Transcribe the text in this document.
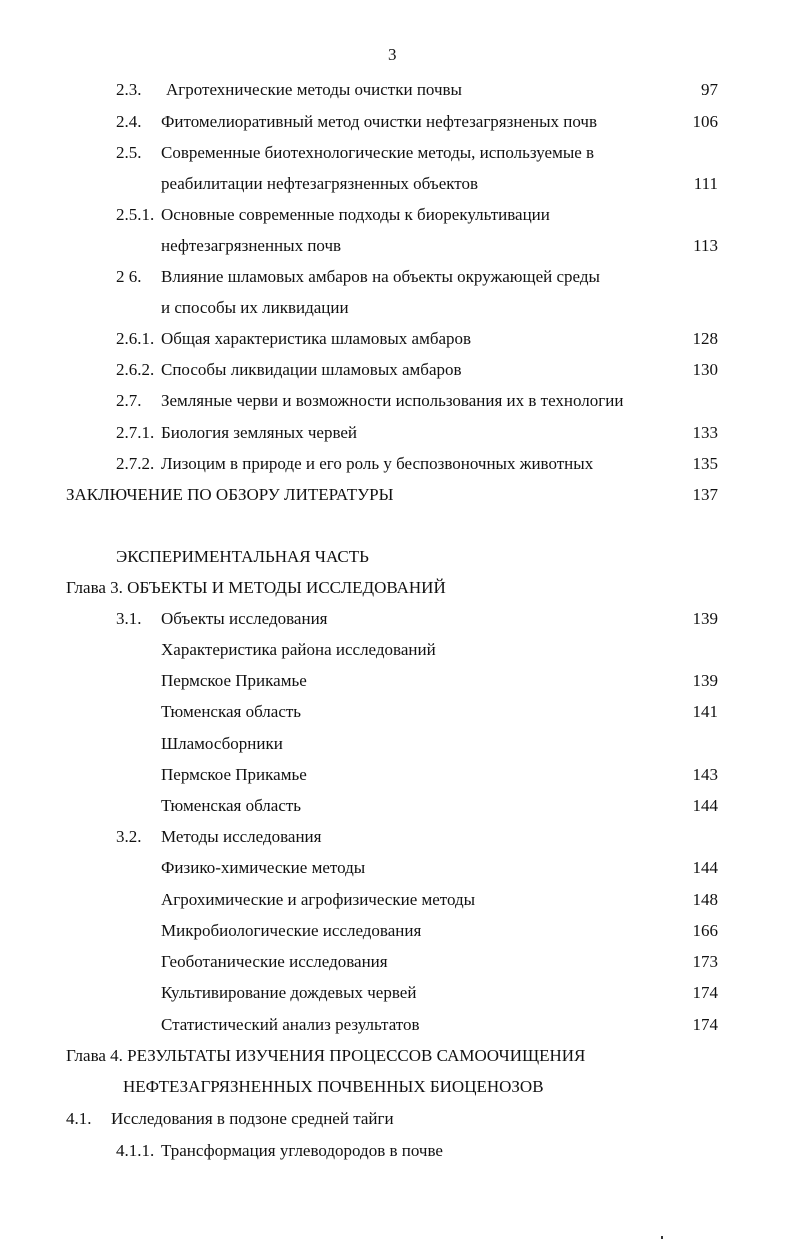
3
2.3. Агротехнические методы очистки почвы	97
2.4. Фитомелиоративный метод очистки нефтезагрязненых почв	106
2.5. Современные биотехнологические методы, используемые в
реабилитации нефтезагрязненных объектов	111
2.5.1. Основные современные подходы к биорекультивации
нефтезагрязненных почв	113
2 6. Влияние шламовых амбаров на объекты окружающей среды
и способы их ликвидации
2.6.1. Общая характеристика шламовых амбаров	128
2.6.2. Способы ликвидации шламовых амбаров	130
2.7. Земляные черви и возможности использования их в технологии
2.7.1. Биология земляных червей	133
2.7.2. Лизоцим в природе и его роль у беспозвоночных животных	135
ЗАКЛЮЧЕНИЕ ПО ОБЗОРУ ЛИТЕРАТУРЫ	137
ЭКСПЕРИМЕНТАЛЬНАЯ ЧАСТЬ
Глава 3. ОБЪЕКТЫ И МЕТОДЫ ИССЛЕДОВАНИЙ
3.1. Объекты исследования	139
Характеристика района исследований
Пермское Прикамье	139
Тюменская область	141
Шламосборники
Пермское Прикамье	143
Тюменская область	144
3.2. Методы исследования
Физико-химические методы	144
Агрохимические и агрофизические методы	148
Микробиологические исследования	166
Геоботанические исследования	173
Культивирование дождевых червей	174
Статистический анализ результатов	174
Глава 4. РЕЗУЛЬТАТЫ ИЗУЧЕНИЯ ПРОЦЕССОВ САМООЧИЩЕНИЯ
НЕФТЕЗАГРЯЗНЕННЫХ ПОЧВЕННЫХ БИОЦЕНОЗОВ
4.1. Исследования в подзоне средней тайги
4.1.1. Трансформация углеводородов в почве
